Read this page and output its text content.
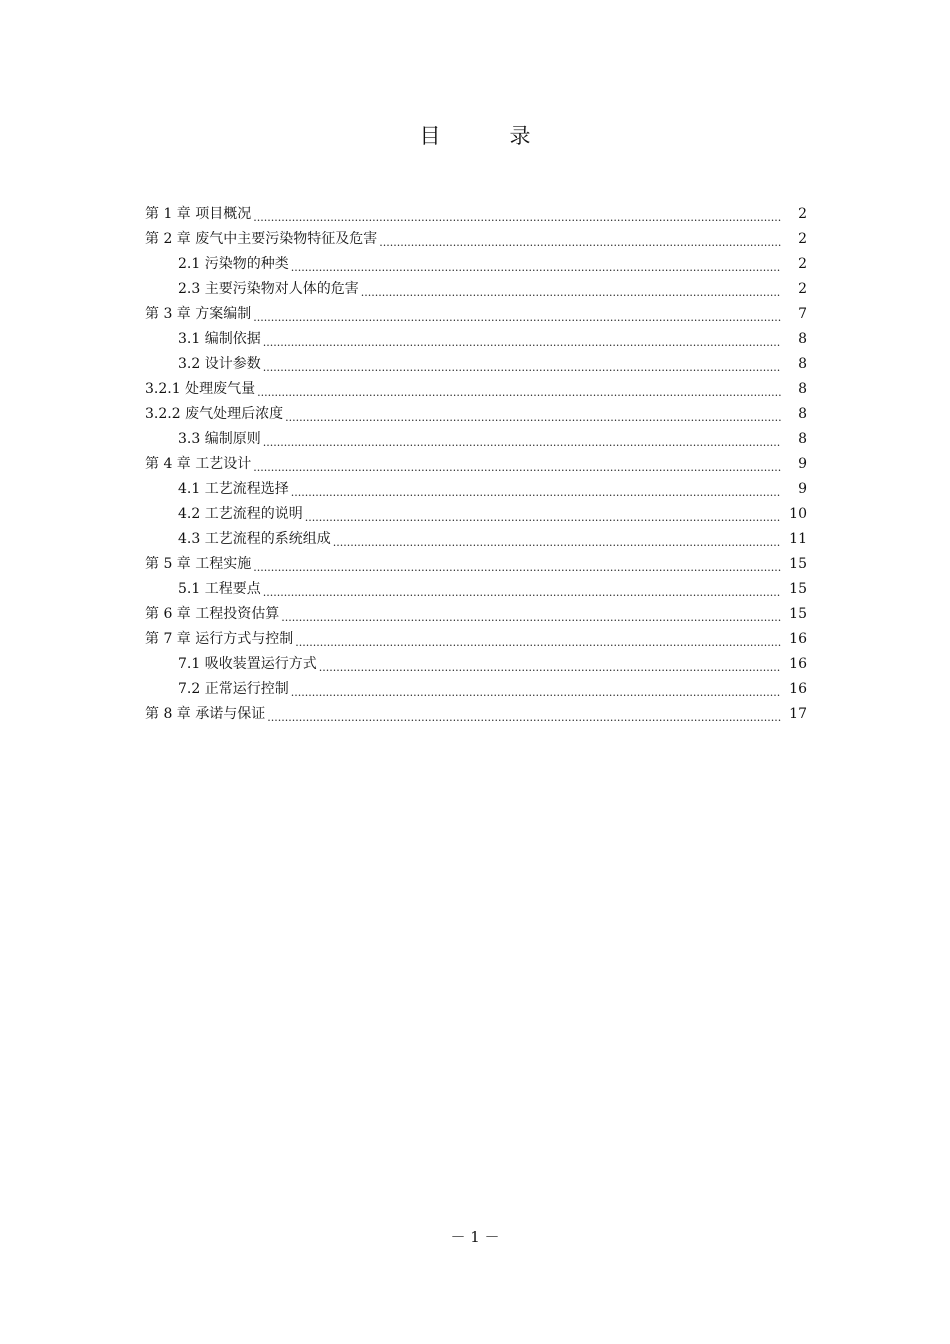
目　录
第 1 章 项目概况 .....	2
第 2 章 废气中主要污染物特征及危害 .....	2
2.1 污染物的种类 .....	2
2.3 主要污染物对人体的危害 .....	2
第 3 章 方案编制 .....	7
3.1 编制依据 .....	8
3.2 设计参数 .....	8
3.2.1 处理废气量 .....	8
3.2.2 废气处理后浓度 .....	8
3.3 编制原则 .....	8
第 4 章 工艺设计 .....	9
4.1 工艺流程选择 .....	9
4.2 工艺流程的说明 .....	10
4.3 工艺流程的系统组成 .....	11
第 5 章 工程实施 .....	15
5.1 工程要点 .....	15
第 6 章 工程投资估算 .....	15
第 7 章 运行方式与控制 .....	16
7.1 吸收装置运行方式 .....	16
7.2 正常运行控制 .....	16
第 8 章 承诺与保证 .....	17
－ 1 －
